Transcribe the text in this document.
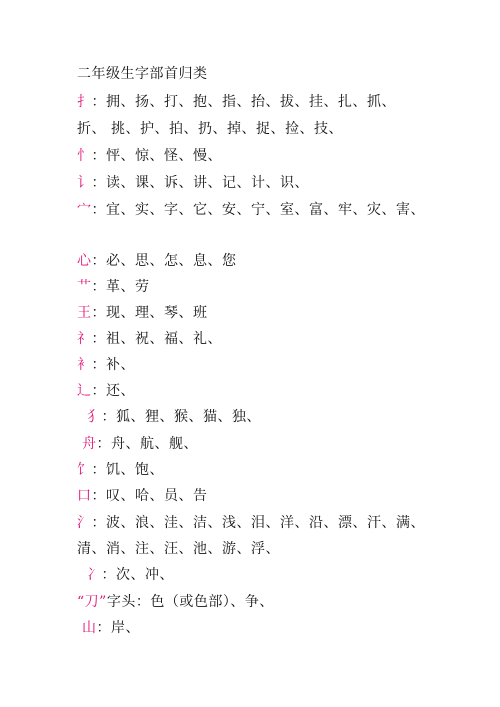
二年级生字部首归类
扌：拥、扬、打、抱、指、抬、拔、挂、扎、抓、
折、 挑、护、拍、扔、掉、捉、捡、技、
忄：怦、惊、怪、慢、
讠：读、课、诉、讲、记、计、识、
宀：宜、实、字、它、安、宁、室、富、牢、灾、害、
心：必、思、怎、息、您
艹：革、劳
王：现、理、琴、班
礻：祖、祝、福、礼、
衤：补、
辶：还、
犭：狐、狸、猴、猫、独、
舟：舟、航、舰、
饣：饥、饱、
口：叹、哈、员、告
氵：波、浪、洼、洁、浅、泪、洋、沿、漂、汗、满、
清、消、注、汪、池、游、浮、
冫：次、冲、
“刀”字头：色（或色部）、争、
山：岸、
